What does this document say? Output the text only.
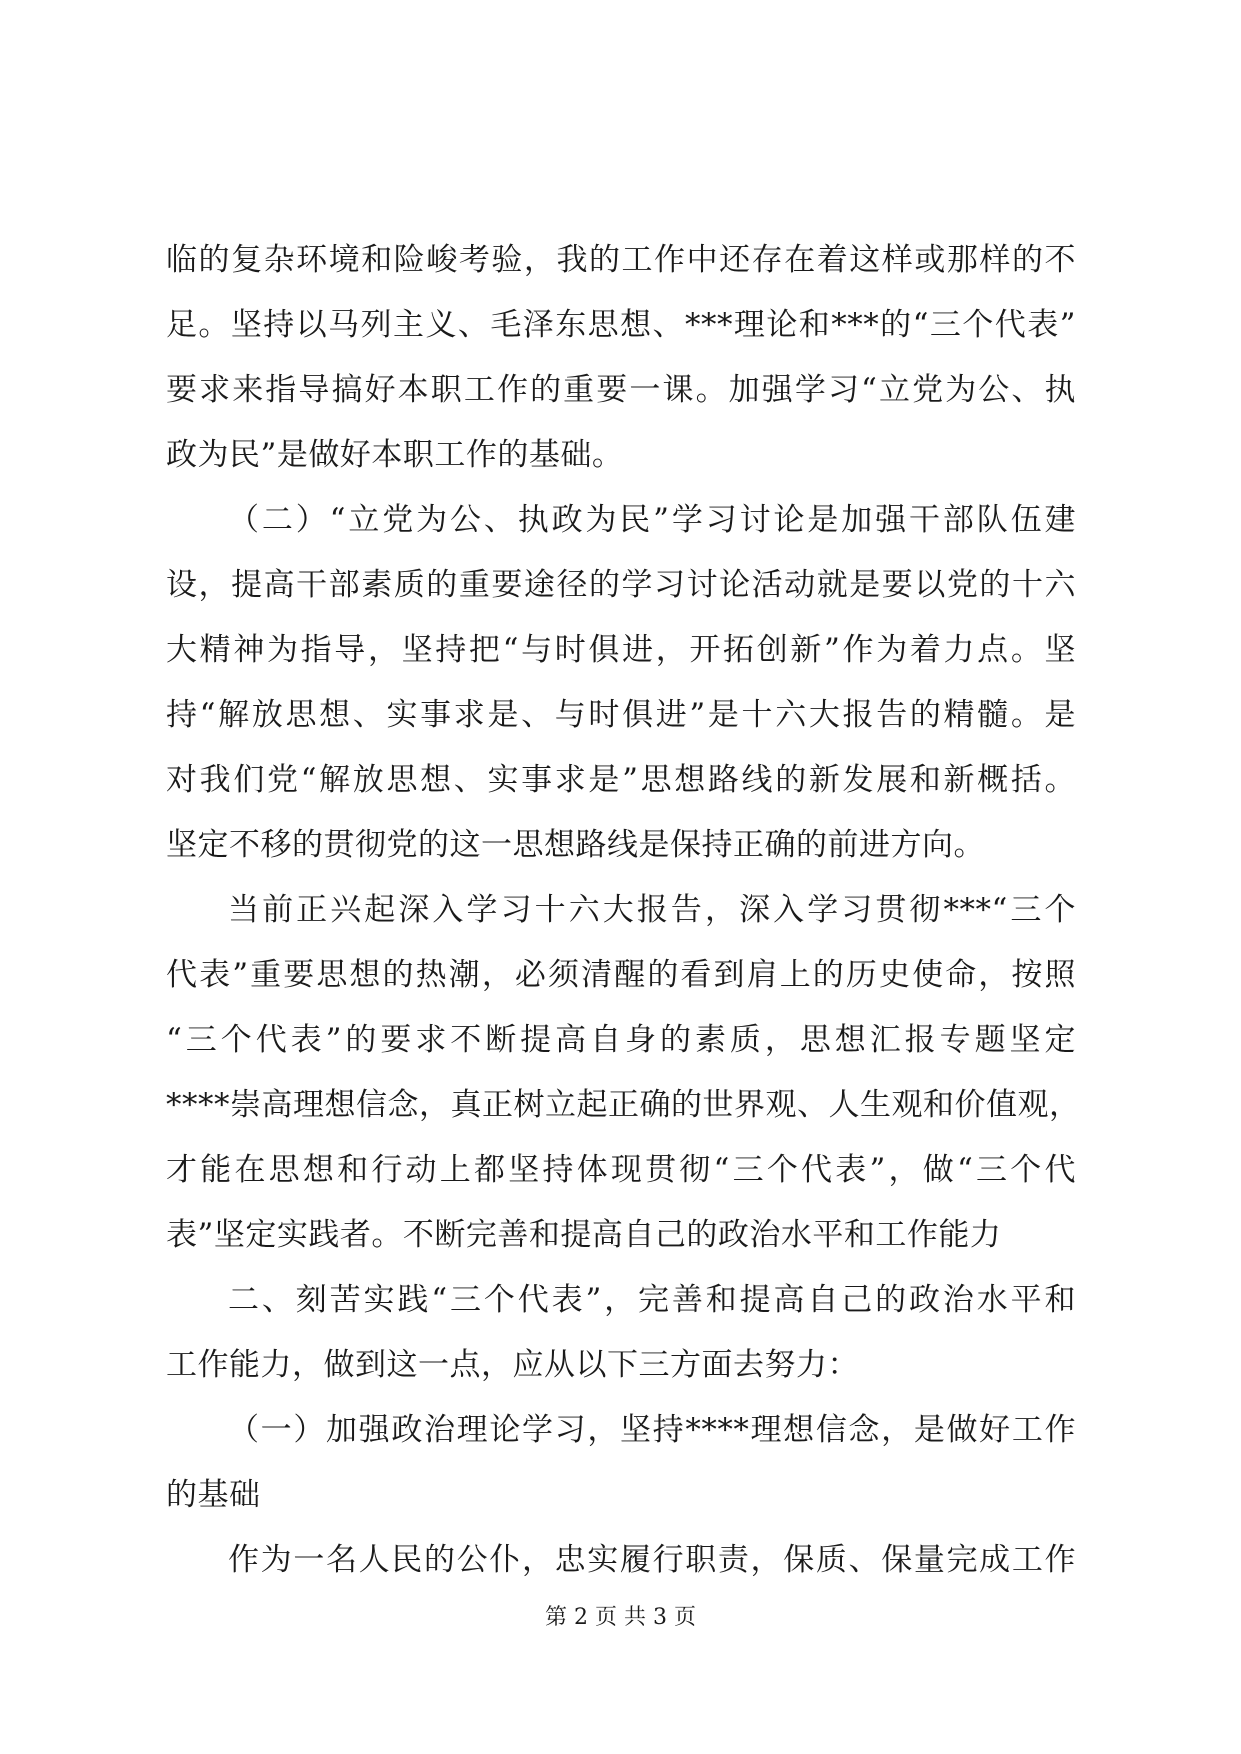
临的复杂环境和险峻考验，我的工作中还存在着这样或那样的不
足。坚持以马列主义、毛泽东思想、***理论和***的“三个代表”
要求来指导搞好本职工作的重要一课。加强学习“立党为公、执
政为民”是做好本职工作的基础。
（二）“立党为公、执政为民”学习讨论是加强干部队伍建
设，提高干部素质的重要途径的学习讨论活动就是要以党的十六
大精神为指导，坚持把“与时俱进，开拓创新”作为着力点。坚
持“解放思想、实事求是、与时俱进”是十六大报告的精髓。是
对我们党“解放思想、实事求是”思想路线的新发展和新概括。
坚定不移的贯彻党的这一思想路线是保持正确的前进方向。
当前正兴起深入学习十六大报告，深入学习贯彻***“三个
代表”重要思想的热潮，必须清醒的看到肩上的历史使命，按照
“三个代表”的要求不断提高自身的素质，思想汇报专题坚定
****崇高理想信念，真正树立起正确的世界观、人生观和价值观，
才能在思想和行动上都坚持体现贯彻“三个代表”，做“三个代
表”坚定实践者。不断完善和提高自己的政治水平和工作能力
二、刻苦实践“三个代表”，完善和提高自己的政治水平和
工作能力，做到这一点，应从以下三方面去努力：
（一）加强政治理论学习，坚持****理想信念，是做好工作
的基础
作为一名人民的公仆，忠实履行职责，保质、保量完成工作
第 2 页 共 3 页
